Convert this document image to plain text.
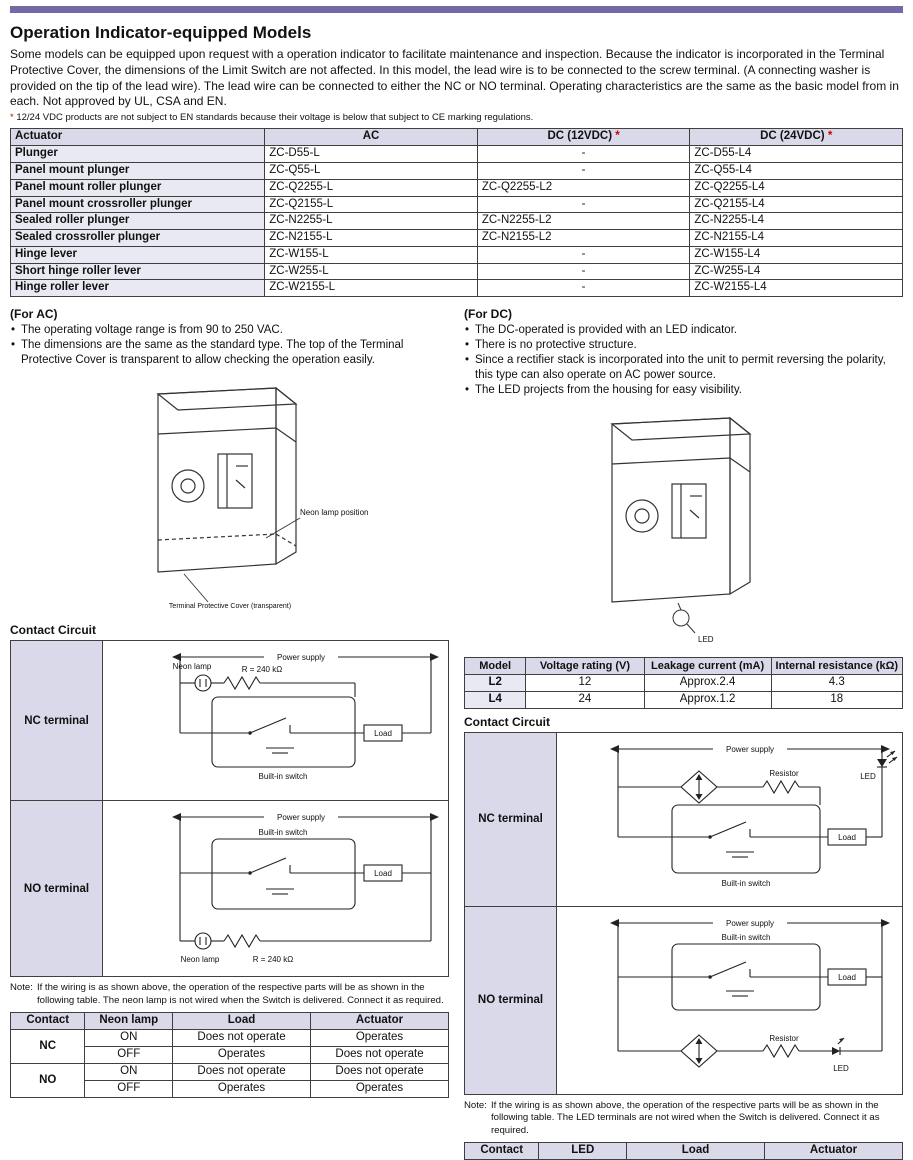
Operation Indicator-equipped Models

Some models can be equipped upon request with a operation indicator to facilitate maintenance and inspection. Because the indicator is incorporated in the Terminal Protective Cover, the dimensions of the Limit Switch are not affected. In this model, the lead wire is to be connected to the screw terminal. (A connecting washer is provided on the tip of the lead wire). The lead wire can be connected to either the NC or NO terminal. Operating characteristics are the same as the basic model from in each. Not approved by UL, CSA and EN.

* 12/24 VDC products are not subject to EN standards because their voltage is below that subject to CE marking regulations.

Actuator	AC	DC (12VDC) *	DC (24VDC) *
Plunger	ZC-D55-L	-	ZC-D55-L4
Panel mount plunger	ZC-Q55-L	-	ZC-Q55-L4
Panel mount roller plunger	ZC-Q2255-L	ZC-Q2255-L2	ZC-Q2255-L4
Panel mount crossroller plunger	ZC-Q2155-L	-	ZC-Q2155-L4
Sealed roller plunger	ZC-N2255-L	ZC-N2255-L2	ZC-N2255-L4
Sealed crossroller plunger	ZC-N2155-L	ZC-N2155-L2	ZC-N2155-L4
Hinge lever	ZC-W155-L	-	ZC-W155-L4
Short hinge roller lever	ZC-W255-L	-	ZC-W255-L4
Hinge roller lever	ZC-W2155-L	-	ZC-W2155-L4
(For AC)
• The operating voltage range is from 90 to 250 VAC.
• The dimensions are the same as the standard type. The top of the Terminal Protective Cover is transparent to allow checking the operation easily.
Neon lamp position
Terminal Protective Cover (transparent)
Contact Circuit
NC terminal	Power supply
Neon lamp R = 240 kΩ
Load
Built-in switch

NO terminal	Power supply
Built-in switch
Load
Neon lamp R = 240 kΩ

Note: If the wiring is as shown above, the operation of the respective parts will be as shown in the following table. The neon lamp is not wired when the Switch is delivered. Connect it as required.

Contact	Neon lamp	Load	Actuator
NC	ON	Does not operate	Operates
	OFF	Operates	Does not operate
NO	ON	Does not operate	Does not operate
	OFF	Operates	Operates
(For DC)
• The DC-operated is provided with an LED indicator.
• There is no protective structure.
• Since a rectifier stack is incorporated into the unit to permit reversing the polarity, this type can also operate on AC power source.
• The LED projects from the housing for easy visibility.
LED
Model	Voltage rating (V)	Leakage current (mA)	Internal resistance (kΩ)
L2	12	Approx.2.4	4.3
L4	24	Approx.1.2	18
Contact Circuit
NC terminal	Power supply
LED
Resistor
Load
Built-in switch

NO terminal	Power supply
Built-in switch
Load
Resistor
LED

Note: If the wiring is as shown above, the operation of the respective parts will be as shown in the following table. The LED terminals are not wired when the Switch is delivered. Connect it as required.

Contact	LED	Load	Actuator
